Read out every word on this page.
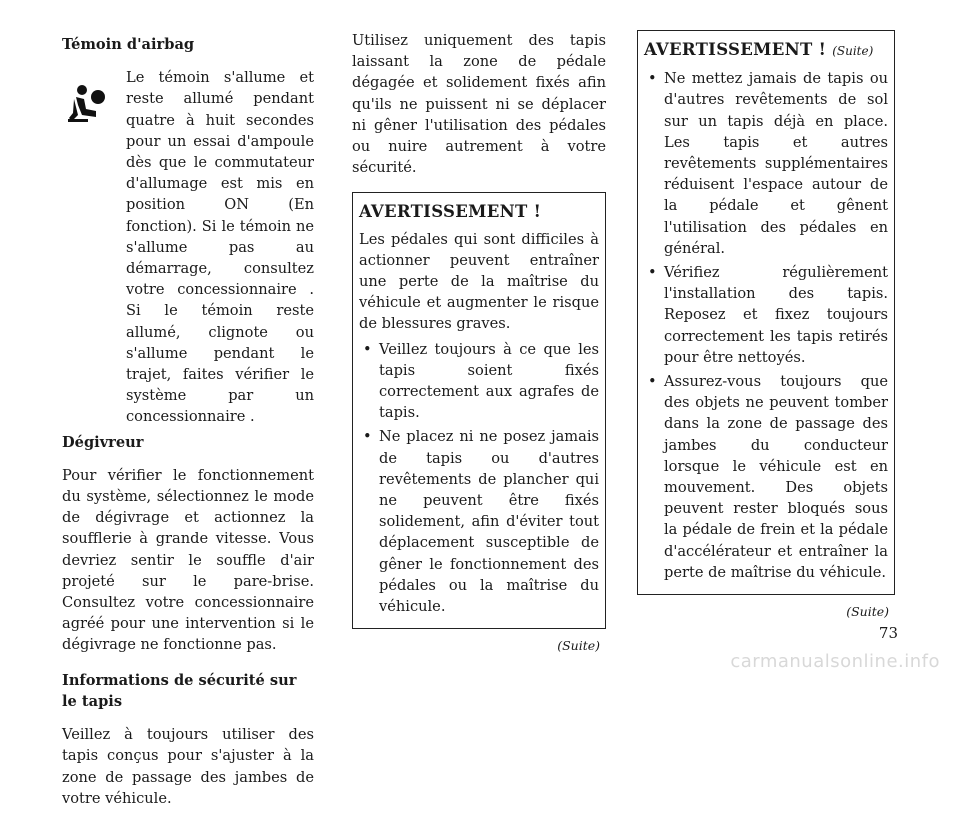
Témoin d'airbag

Le témoin s'allume et reste allumé pendant quatre à huit secondes pour un essai d'ampoule dès que le commutateur d'allumage est mis en position ON (En fonction). Si le témoin ne s'allume pas au démarrage, consultez votre concessionnaire . Si le témoin reste allumé, clignote ou s'allume pendant le trajet, faites vérifier le système par un concessionnaire .

Dégivreur

Pour vérifier le fonctionnement du système, sélectionnez le mode de dégivrage et actionnez la soufflerie à grande vitesse. Vous devriez sentir le souffle d'air projeté sur le pare-brise. Consultez votre concessionnaire agréé pour une intervention si le dégivrage ne fonctionne pas.

Informations de sécurité sur le tapis

Veillez à toujours utiliser des tapis conçus pour s'ajuster à la zone de passage des jambes de votre véhicule.

Utilisez uniquement des tapis laissant la zone de pédale dégagée et solidement fixés afin qu'ils ne puissent ni se déplacer ni gêner l'utilisation des pédales ou nuire autrement à votre sécurité.

AVERTISSEMENT !

Les pédales qui sont difficiles à actionner peuvent entraîner une perte de la maîtrise du véhicule et augmenter le risque de blessures graves.

• Veillez toujours à ce que les tapis soient fixés correctement aux agrafes de tapis.
• Ne placez ni ne posez jamais de tapis ou d'autres revêtements de plancher qui ne peuvent être fixés solidement, afin d'éviter tout déplacement susceptible de gêner le fonctionnement des pédales ou la maîtrise du véhicule.
(Suite)
AVERTISSEMENT ! (Suite)
• Ne mettez jamais de tapis ou d'autres revêtements de sol sur un tapis déjà en place. Les tapis et autres revêtements supplémentaires réduisent l'espace autour de la pédale et gênent l'utilisation des pédales en général.
• Vérifiez régulièrement l'installation des tapis. Reposez et fixez toujours correctement les tapis retirés pour être nettoyés.
• Assurez-vous toujours que des objets ne peuvent tomber dans la zone de passage des jambes du conducteur lorsque le véhicule est en mouvement. Des objets peuvent rester bloqués sous la pédale de frein et la pédale d'accélérateur et entraîner la perte de maîtrise du véhicule.
(Suite)
73
carmanualsonline.info
